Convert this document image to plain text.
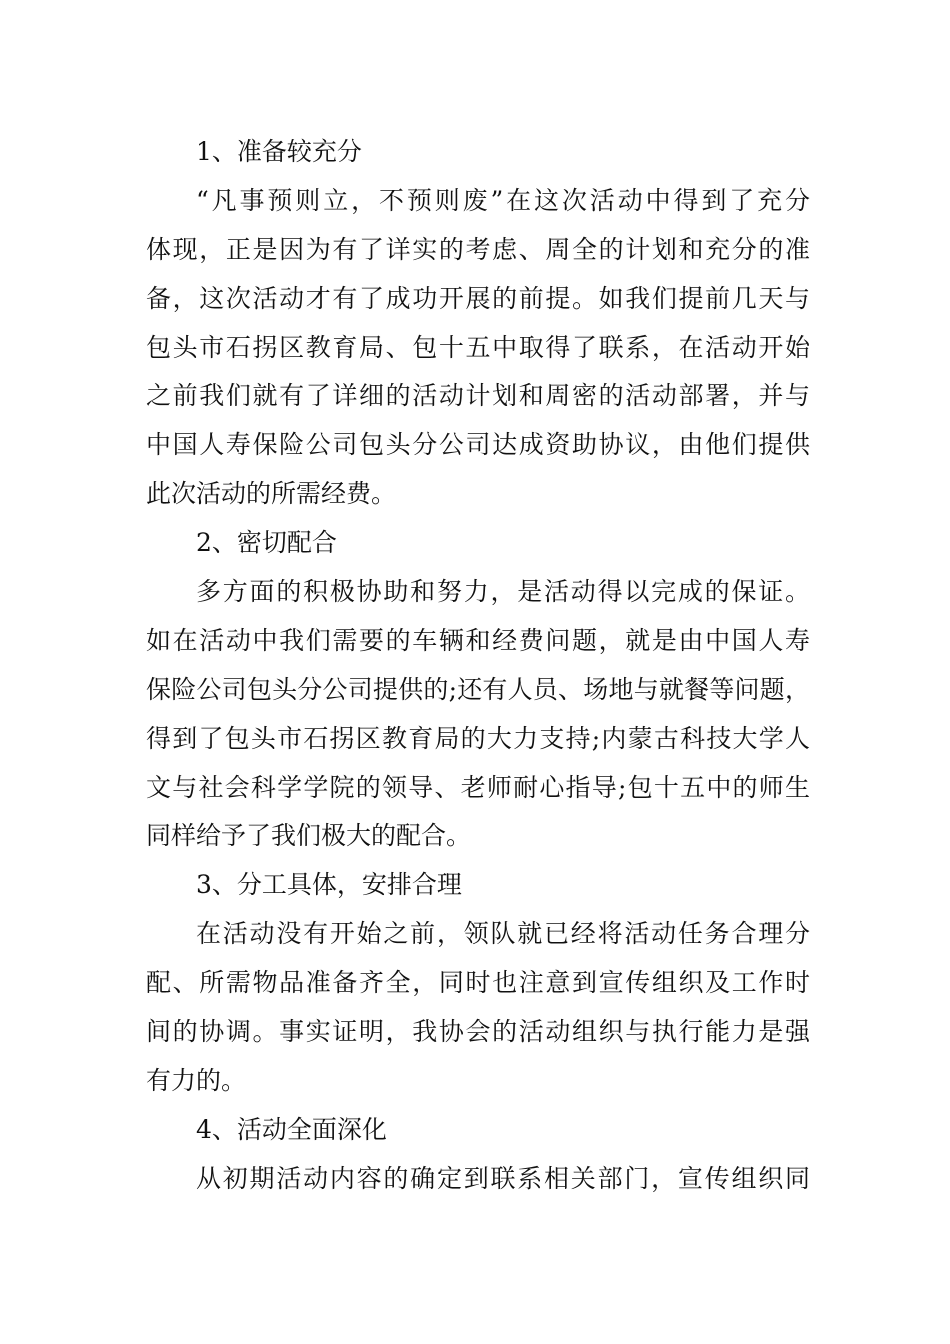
1、准备较充分
“凡事预则立，不预则废”在这次活动中得到了充分
体现，正是因为有了详实的考虑、周全的计划和充分的准
备，这次活动才有了成功开展的前提。如我们提前几天与
包头市石拐区教育局、包十五中取得了联系，在活动开始
之前我们就有了详细的活动计划和周密的活动部署，并与
中国人寿保险公司包头分公司达成资助协议，由他们提供
此次活动的所需经费。
2、密切配合
多方面的积极协助和努力，是活动得以完成的保证。
如在活动中我们需要的车辆和经费问题，就是由中国人寿
保险公司包头分公司提供的;还有人员、场地与就餐等问题，
得到了包头市石拐区教育局的大力支持;内蒙古科技大学人
文与社会科学学院的领导、老师耐心指导;包十五中的师生
同样给予了我们极大的配合。
3、分工具体，安排合理
在活动没有开始之前，领队就已经将活动任务合理分
配、所需物品准备齐全，同时也注意到宣传组织及工作时
间的协调。事实证明，我协会的活动组织与执行能力是强
有力的。
4、活动全面深化
从初期活动内容的确定到联系相关部门，宣传组织同
